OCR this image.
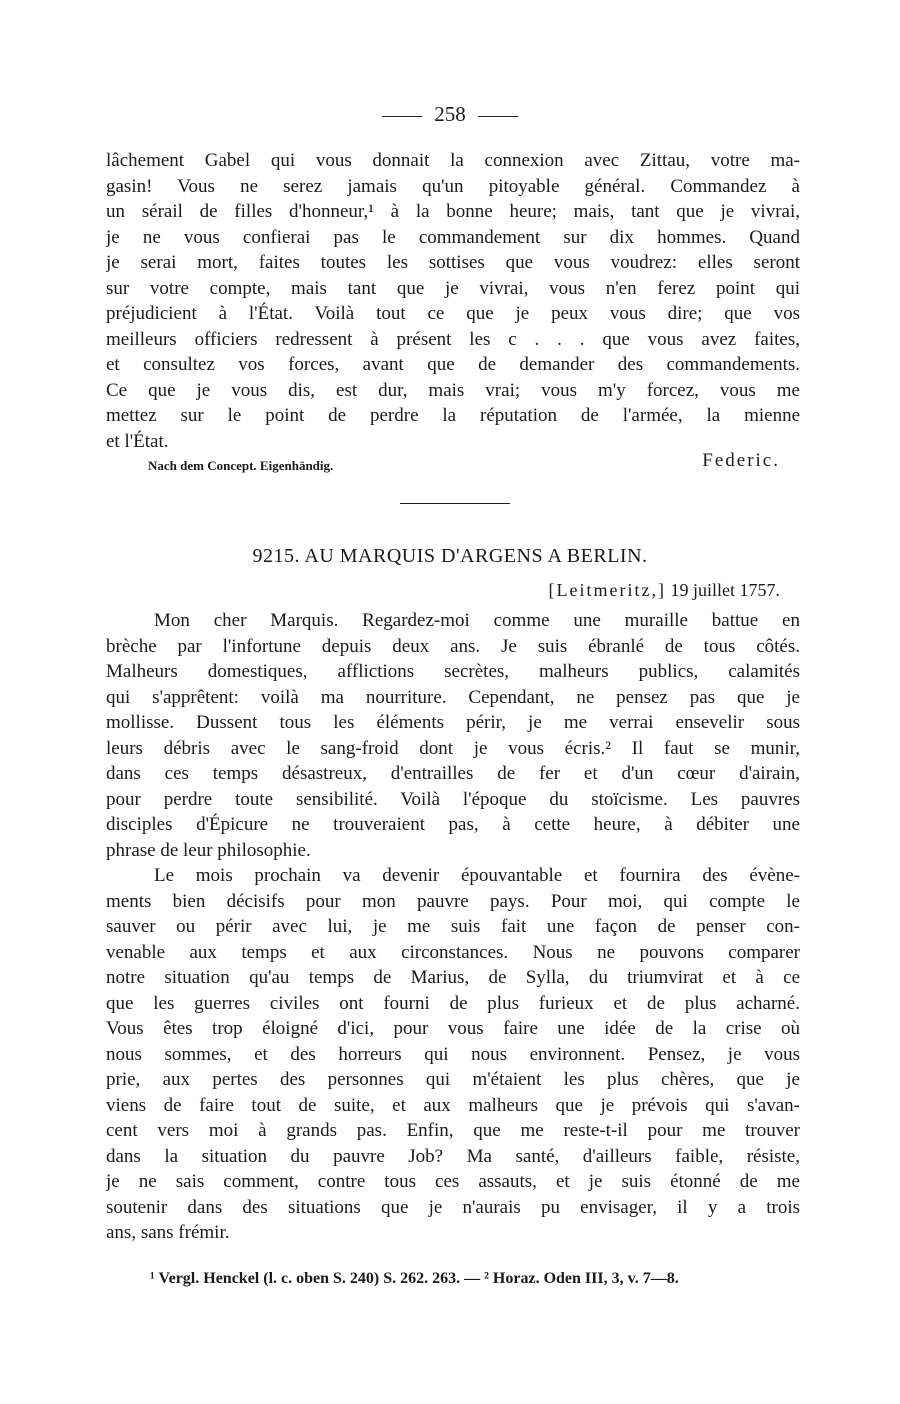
258
lâchement Gabel qui vous donnait la connexion avec Zittau, votre ma-
gasin! Vous ne serez jamais qu'un pitoyable général. Commandez à
un sérail de filles d'honneur,¹ à la bonne heure; mais, tant que je vivrai,
je ne vous confierai pas le commandement sur dix hommes. Quand
je serai mort, faites toutes les sottises que vous voudrez: elles seront
sur votre compte, mais tant que je vivrai, vous n'en ferez point qui
préjudicient à l'État. Voilà tout ce que je peux vous dire; que vos
meilleurs officiers redressent à présent les c . . . que vous avez faites,
et consultez vos forces, avant que de demander des commandements.
Ce que je vous dis, est dur, mais vrai; vous m'y forcez, vous me
mettez sur le point de perdre la réputation de l'armée, la mienne
et l'État.
Nach dem Concept. Eigenhändig.	Federic.
9215. AU MARQUIS D'ARGENS A BERLIN.
[Leitmeritz,] 19 juillet 1757.
Mon cher Marquis. Regardez-moi comme une muraille battue en
brèche par l'infortune depuis deux ans. Je suis ébranlé de tous côtés.
Malheurs domestiques, afflictions secrètes, malheurs publics, calamités
qui s'apprêtent: voilà ma nourriture. Cependant, ne pensez pas que je
mollisse. Dussent tous les éléments périr, je me verrai ensevelir sous
leurs débris avec le sang-froid dont je vous écris.² Il faut se munir,
dans ces temps désastreux, d'entrailles de fer et d'un cœur d'airain,
pour perdre toute sensibilité. Voilà l'époque du stoïcisme. Les pauvres
disciples d'Épicure ne trouveraient pas, à cette heure, à débiter une
phrase de leur philosophie.
Le mois prochain va devenir épouvantable et fournira des évène-
ments bien décisifs pour mon pauvre pays. Pour moi, qui compte le
sauver ou périr avec lui, je me suis fait une façon de penser con-
venable aux temps et aux circonstances. Nous ne pouvons comparer
notre situation qu'au temps de Marius, de Sylla, du triumvirat et à ce
que les guerres civiles ont fourni de plus furieux et de plus acharné.
Vous êtes trop éloigné d'ici, pour vous faire une idée de la crise où
nous sommes, et des horreurs qui nous environnent. Pensez, je vous
prie, aux pertes des personnes qui m'étaient les plus chères, que je
viens de faire tout de suite, et aux malheurs que je prévois qui s'avan-
cent vers moi à grands pas. Enfin, que me reste-t-il pour me trouver
dans la situation du pauvre Job? Ma santé, d'ailleurs faible, résiste,
je ne sais comment, contre tous ces assauts, et je suis étonné de me
soutenir dans des situations que je n'aurais pu envisager, il y a trois
ans, sans frémir.
¹ Vergl. Henckel (l. c. oben S. 240) S. 262. 263. — ² Horaz. Oden III, 3, v. 7—8.
